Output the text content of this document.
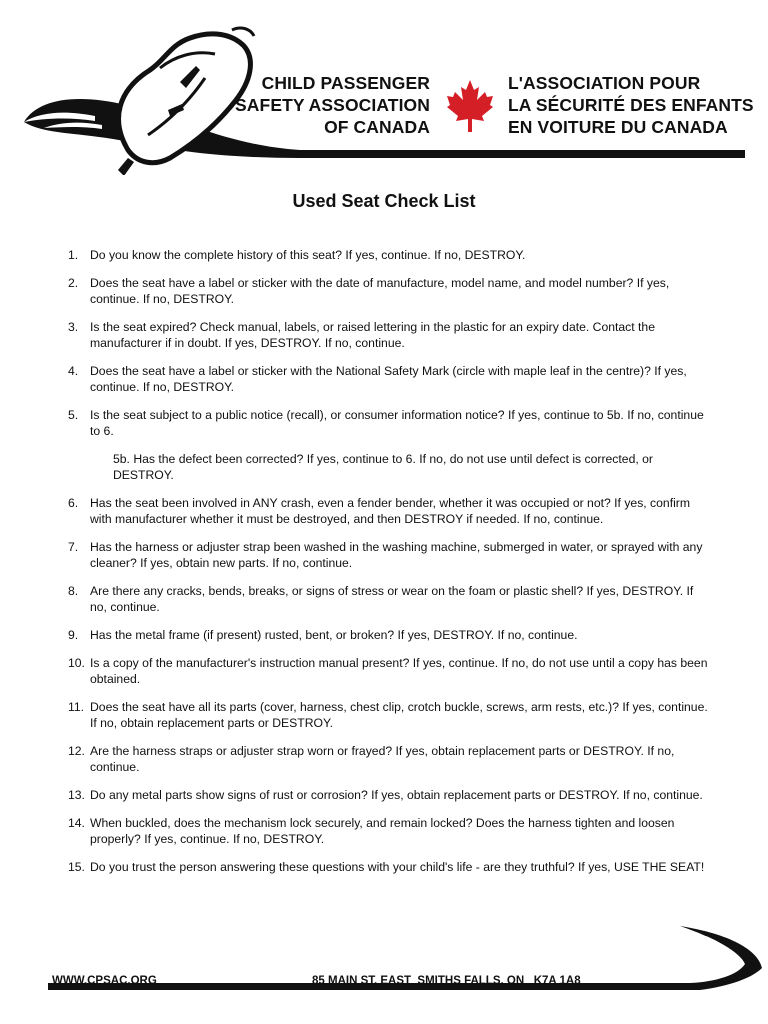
CHILD PASSENGER
SAFETY ASSOCIATION
OF CANADA
L'ASSOCIATION POUR
LA SÉCURITÉ DES ENFANTS
EN VOITURE DU CANADA
Used Seat Check List
1. Do you know the complete history of this seat? If yes, continue. If no, DESTROY.
2. Does the seat have a label or sticker with the date of manufacture, model name, and model number? If yes, continue. If no, DESTROY.
3. Is the seat expired? Check manual, labels, or raised lettering in the plastic for an expiry date. Contact the manufacturer if in doubt. If yes, DESTROY. If no, continue.
4. Does the seat have a label or sticker with the National Safety Mark (circle with maple leaf in the centre)? If yes, continue. If no, DESTROY.
5. Is the seat subject to a public notice (recall), or consumer information notice? If yes, continue to 5b. If no, continue to 6.
5b. Has the defect been corrected? If yes, continue to 6. If no, do not use until defect is corrected, or DESTROY.
6. Has the seat been involved in ANY crash, even a fender bender, whether it was occupied or not? If yes, confirm with manufacturer whether it must be destroyed, and then DESTROY if needed. If no, continue.
7. Has the harness or adjuster strap been washed in the washing machine, submerged in water, or sprayed with any cleaner? If yes, obtain new parts. If no, continue.
8. Are there any cracks, bends, breaks, or signs of stress or wear on the foam or plastic shell? If yes, DESTROY. If no, continue.
9. Has the metal frame (if present) rusted, bent, or broken? If yes, DESTROY. If no, continue.
10. Is a copy of the manufacturer's instruction manual present? If yes, continue. If no, do not use until a copy has been obtained.
11. Does the seat have all its parts (cover, harness, chest clip, crotch buckle, screws, arm rests, etc.)? If yes, continue. If no, obtain replacement parts or DESTROY.
12. Are the harness straps or adjuster strap worn or frayed? If yes, obtain replacement parts or DESTROY. If no, continue.
13. Do any metal parts show signs of rust or corrosion? If yes, obtain replacement parts or DESTROY. If no, continue.
14. When buckled, does the mechanism lock securely, and remain locked? Does the harness tighten and loosen properly? If yes, continue. If no, DESTROY.
15. Do you trust the person answering these questions with your child's life - are they truthful? If yes, USE THE SEAT!
WWW.CPSAC.ORG	85 MAIN ST. EAST  SMITHS FALLS, ON   K7A 1A8
